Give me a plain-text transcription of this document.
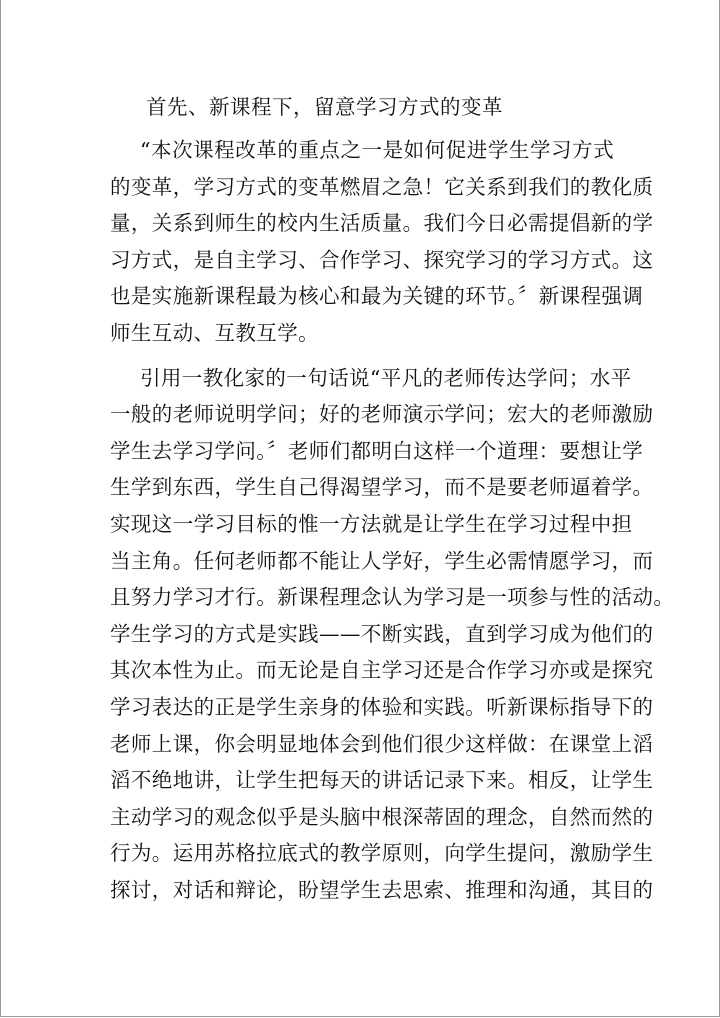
首先、新课程下，留意学习方式的变革
“本次课程改革的重点之一是如何促进学生学习方式
的变革，学习方式的变革燃眉之急！它关系到我们的教化质
量，关系到师生的校内生活质量。我们今日必需提倡新的学
习方式，是自主学习、合作学习、探究学习的学习方式。这
也是实施新课程最为核心和最为关键的环节。〞新课程强调
师生互动、互教互学。
引用一教化家的一句话说“平凡的老师传达学问；水平
一般的老师说明学问；好的老师演示学问；宏大的老师激励
学生去学习学问。〞老师们都明白这样一个道理：要想让学
生学到东西，学生自己得渴望学习，而不是要老师逼着学。
实现这一学习目标的惟一方法就是让学生在学习过程中担
当主角。任何老师都不能让人学好，学生必需情愿学习，而
且努力学习才行。新课程理念认为学习是一项参与性的活动。
学生学习的方式是实践——不断实践，直到学习成为他们的
其次本性为止。而无论是自主学习还是合作学习亦或是探究
学习表达的正是学生亲身的体验和实践。听新课标指导下的
老师上课，你会明显地体会到他们很少这样做：在课堂上滔
滔不绝地讲，让学生把每天的讲话记录下来。相反，让学生
主动学习的观念似乎是头脑中根深蒂固的理念，自然而然的
行为。运用苏格拉底式的教学原则，向学生提问，激励学生
探讨，对话和辩论，盼望学生去思索、推理和沟通，其目的
